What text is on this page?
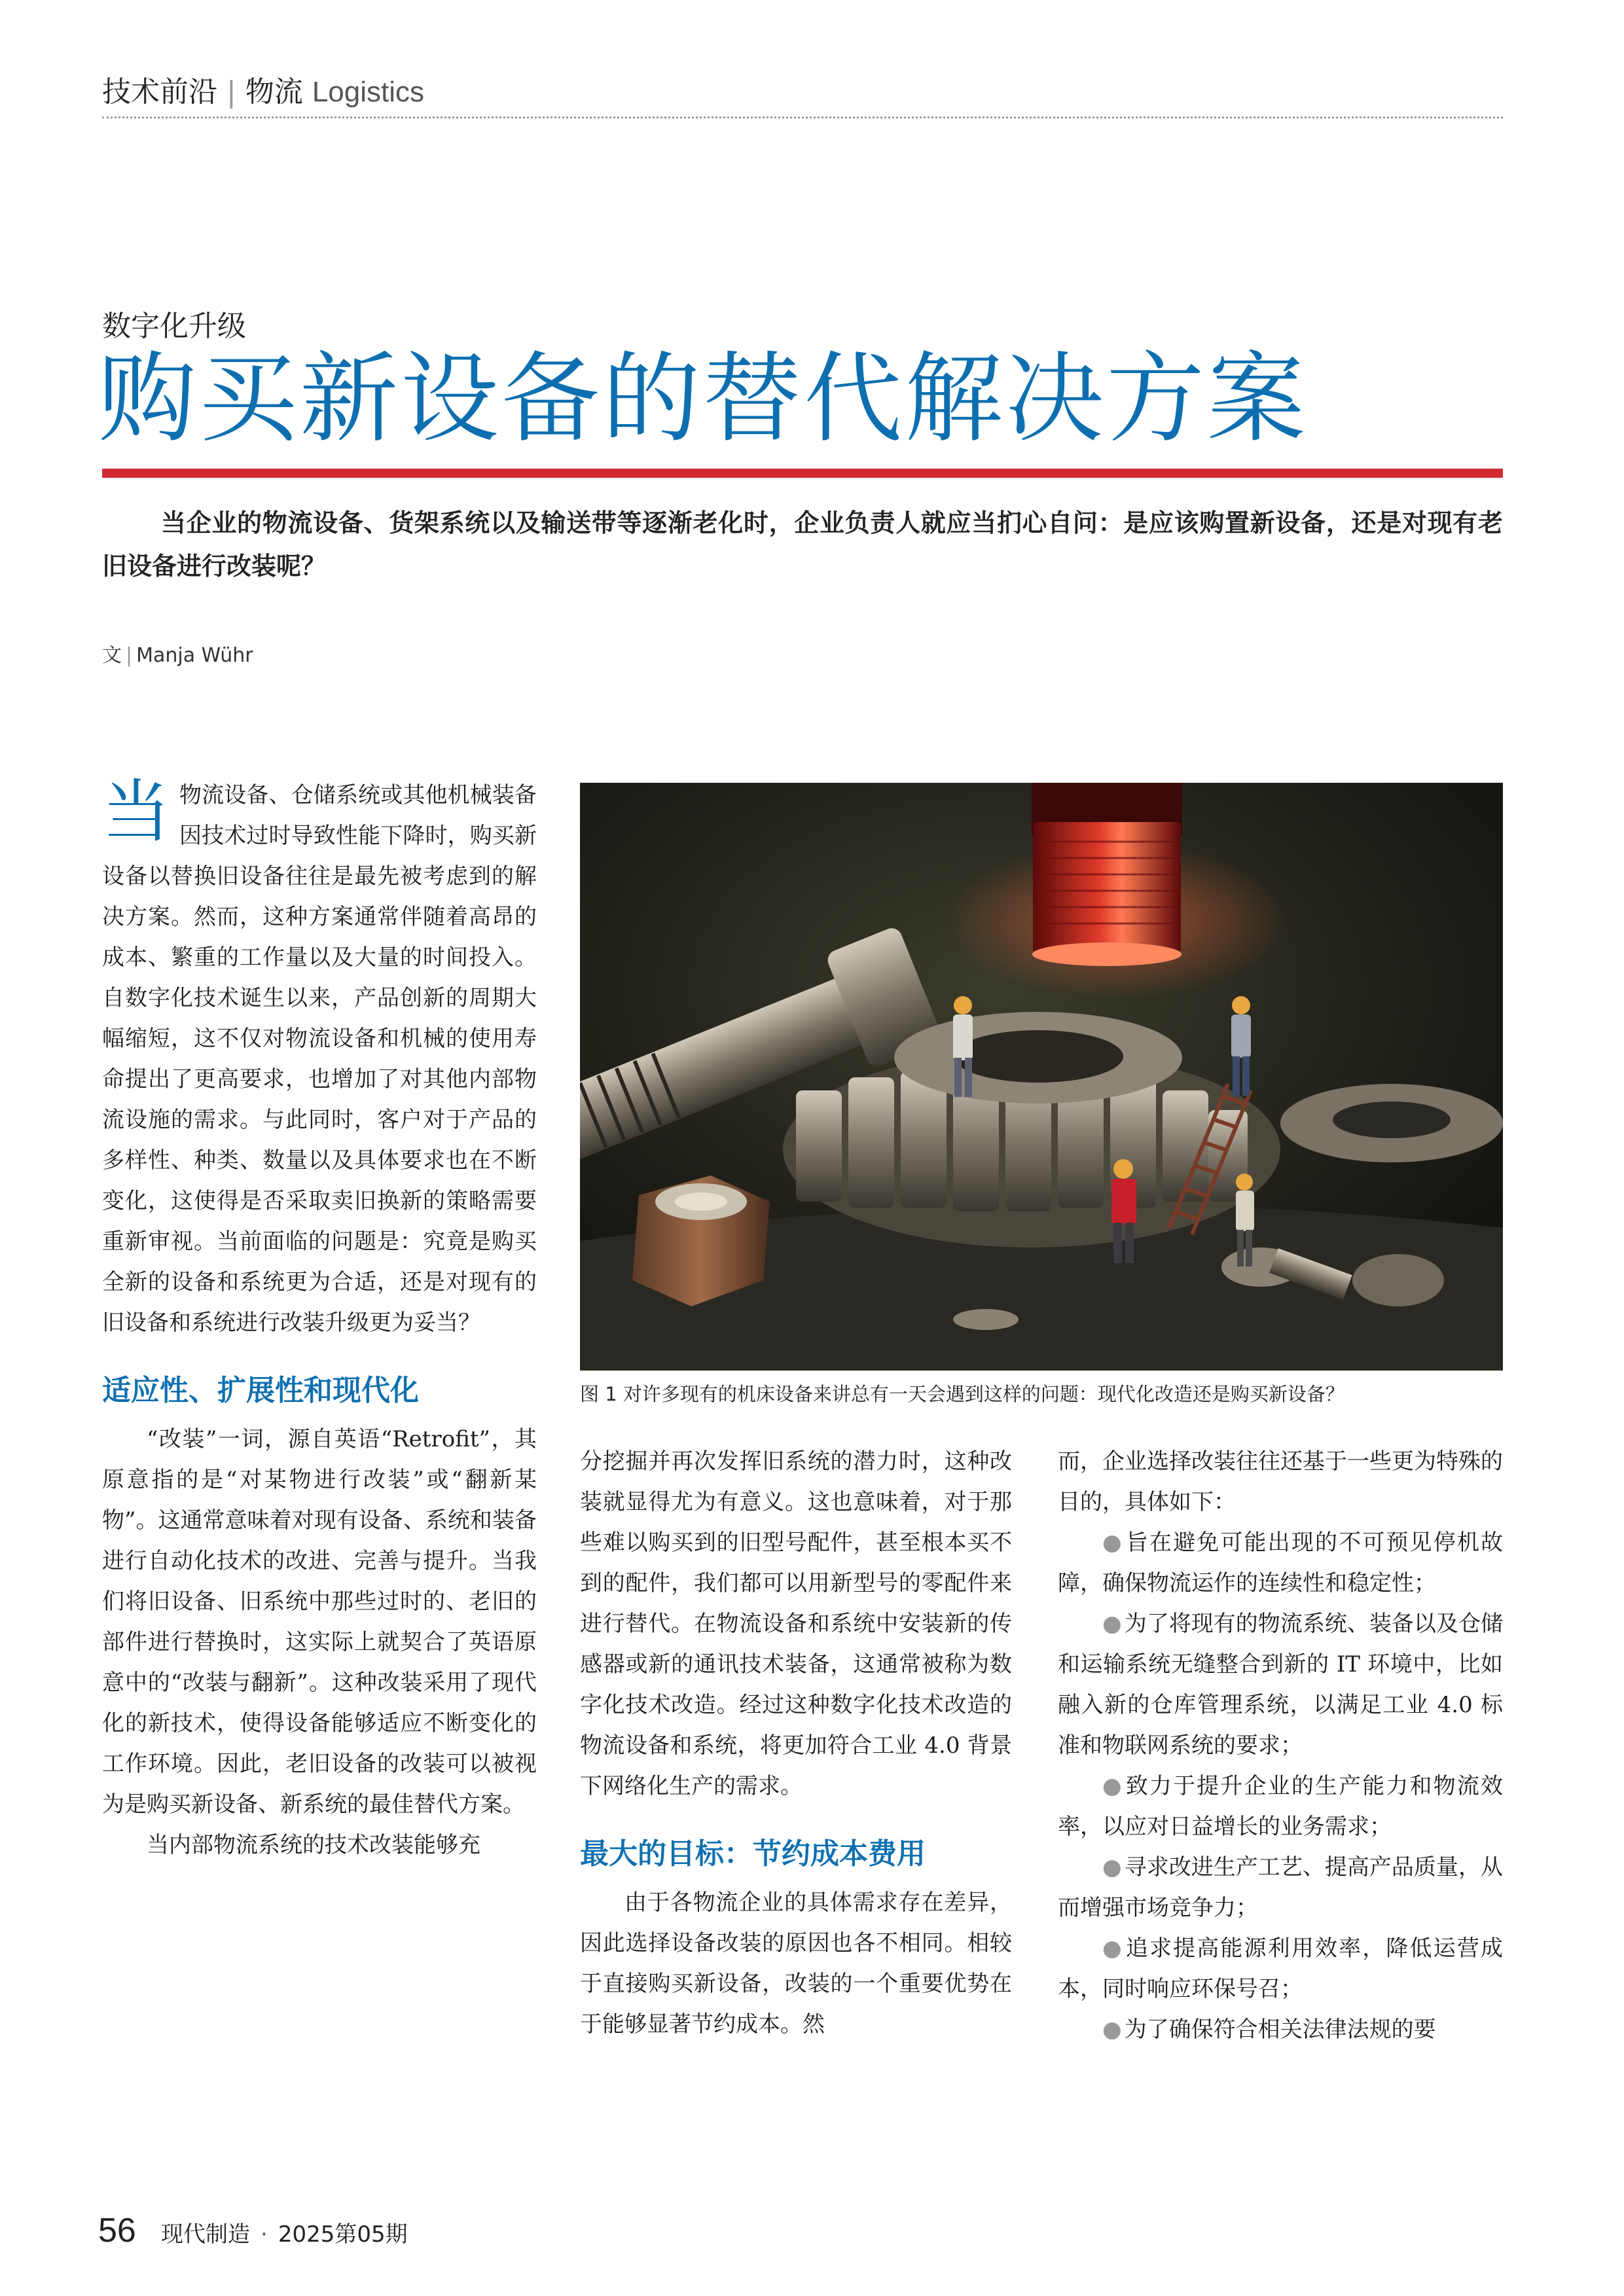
技术前沿 | 物流 Logistics
数字化升级
购买新设备的替代解决方案
当企业的物流设备、货架系统以及输送带等逐渐老化时，企业负责人就应当扪心自问：是应该购置新设备，还是对现有老旧设备进行改装呢？
文 | Manja Wühr

当物流设备、仓储系统或其他机械装备因技术过时导致性能下降时，购买新设备以替换旧设备往往是最先被考虑到的解决方案。然而，这种方案通常伴随着高昂的成本、繁重的工作量以及大量的时间投入。自数字化技术诞生以来，产品创新的周期大幅缩短，这不仅对物流设备和机械的使用寿命提出了更高要求，也增加了对其他内部物流设施的需求。与此同时，客户对于产品的多样性、种类、数量以及具体要求也在不断变化，这使得是否采取卖旧换新的策略需要重新审视。当前面临的问题是：究竟是购买全新的设备和系统更为合适，还是对现有的旧设备和系统进行改装升级更为妥当？

适应性、扩展性和现代化

“改装”一词，源自英语“Retrofit”，其原意指的是“对某物进行改装”或“翻新某物”。这通常意味着对现有设备、系统和装备进行自动化技术的改进、完善与提升。当我们将旧设备、旧系统中那些过时的、老旧的部件进行替换时，这实际上就契合了英语原意中的“改装与翻新”。这种改装采用了现代化的新技术，使得设备能够适应不断变化的工作环境。因此，老旧设备的改装可以被视为是购买新设备、新系统的最佳替代方案。

当内部物流系统的技术改装能够充

图 1 对许多现有的机床设备来讲总有一天会遇到这样的问题：现代化改造还是购买新设备？

分挖掘并再次发挥旧系统的潜力时，这种改装就显得尤为有意义。这也意味着，对于那些难以购买到的旧型号配件，甚至根本买不到的配件，我们都可以用新型号的零配件来进行替代。在物流设备和系统中安装新的传感器或新的通讯技术装备，这通常被称为数字化技术改造。经过这种数字化技术改造的物流设备和系统，将更加符合工业 4.0 背景下网络化生产的需求。

最大的目标：节约成本费用

由于各物流企业的具体需求存在差异，因此选择设备改装的原因也各不相同。相较于直接购买新设备，改装的一个重要优势在于能够显著节约成本。然

而，企业选择改装往往还基于一些更为特殊的目的，具体如下：

● 旨在避免可能出现的不可预见停机故障，确保物流运作的连续性和稳定性；

● 为了将现有的物流系统、装备以及仓储和运输系统无缝整合到新的 IT 环境中，比如融入新的仓库管理系统，以满足工业 4.0 标准和物联网系统的要求；

● 致力于提升企业的生产能力和物流效率，以应对日益增长的业务需求；

● 寻求改进生产工艺、提高产品质量，从而增强市场竞争力；

● 追求提高能源利用效率，降低运营成本，同时响应环保号召；

● 为了确保符合相关法律法规的要

56 现代制造 · 2025第05期
